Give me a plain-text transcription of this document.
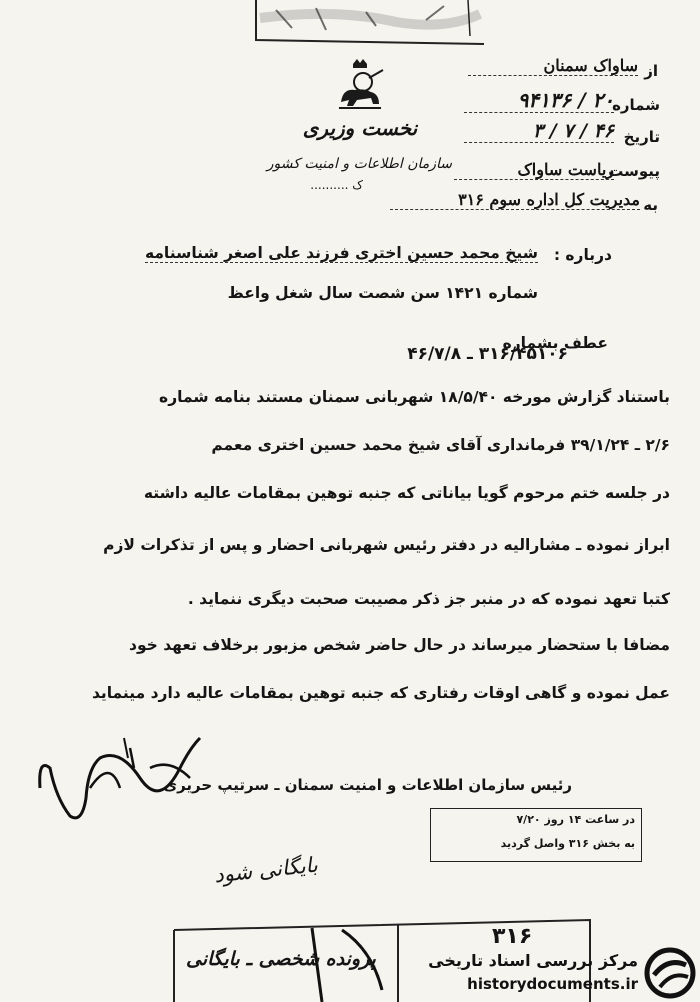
نخست وزیری
سازمان اطلاعات و امنیت کشور
ک ..........
از
ساواک سمنان
شماره
۹۴۱۳۶ / ۲۰
تاریخ
۳ / ۷ / ۴۶
پیوست
ریاست ساواک
به
مدیریت کل اداره سوم ۳۱۶
درباره :
شیخ محمد حسین اختری فرزند علی اصغر شناسنامه
شماره ۱۴۲۱ سن شصت سال شغل واعظ
عطف بشماره
۳۱۶/۴۵۱۰۶ ـ ۴۶/۷/۸
باستناد گزارش مورخه ۱۸/۵/۴۰ شهربانی سمنان مستند بنامه شماره
۲/۶ ـ ۳۹/۱/۲۴ فرمانداری آقای شیخ محمد حسین اختری معمم
در جلسه ختم مرحوم گویا بیاناتی که جنبه توهین بمقامات عالیه داشته
ابراز نموده ـ مشارالیه در دفتر رئیس شهربانی احضار و پس از تذکرات لازم
کتبا تعهد نموده که در منبر جز ذکر مصیبت صحبت دیگری ننماید .
مضافا با ستحضار میرساند در حال حاضر شخص مزبور برخلاف تعهد خود
عمل نموده و گاهی اوقات رفتاری که جنبه توهین بمقامات عالیه دارد مینماید
رئیس سازمان اطلاعات و امنیت سمنان ـ سرتیپ حریری
در ساعت ۱۴ روز ۷/۲۰
به بخش ۳۱۶ واصل گردید
بایگانی شود
۳۱۶
پرونده شخصی ـ بایگانی	مرکز بررسی اسناد تاریخی
historydocuments.ir
